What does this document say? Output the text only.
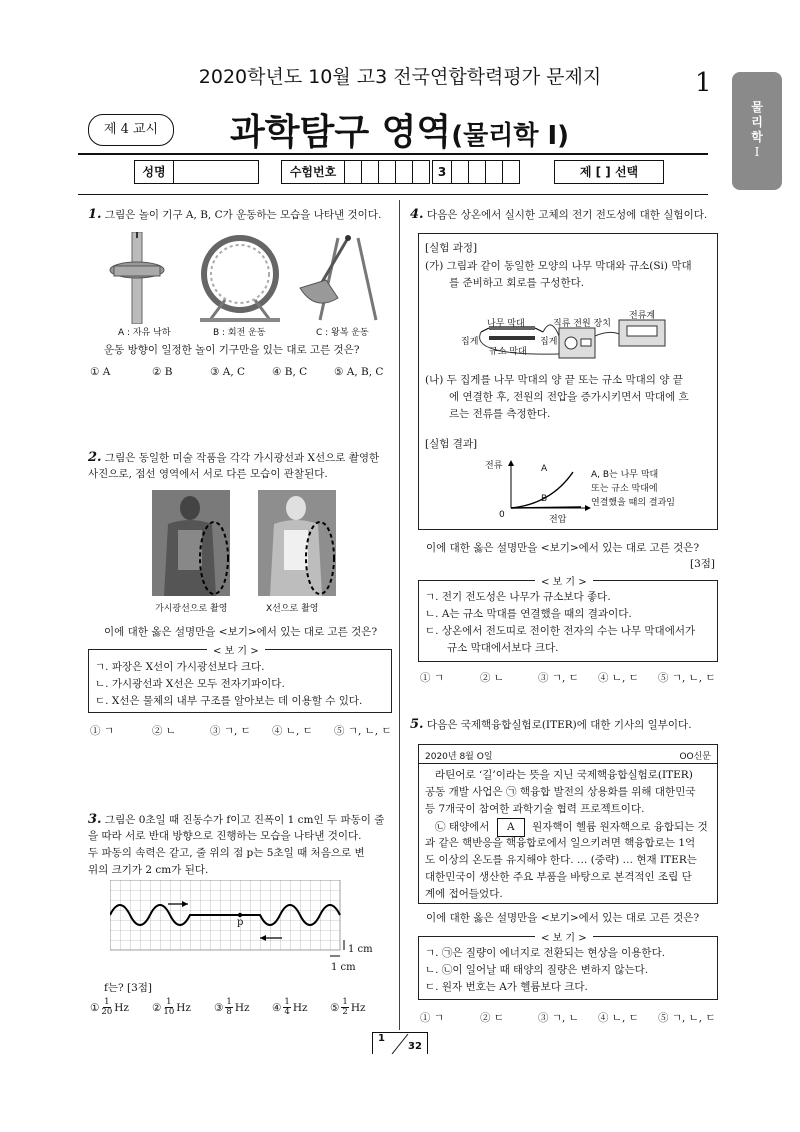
2020학년도 10월 고3 전국연합학력평가 문제지	1
물
리
학
Ⅰ
제 4 교시	과학탐구 영역(물리학 Ⅰ)
성명	수험번호	3	제 [ ] 선택
1. 그림은 놀이 기구 A, B, C가 운동하는 모습을 나타낸 것이다.
A : 자유 낙하	B : 회전 운동	C : 왕복 운동
운동 방향이 일정한 놀이 기구만을 있는 대로 고른 것은?
① A	② B	③ A, C	④ B, C	⑤ A, B, C
2. 그림은 동일한 미술 작품을 각각 가시광선과 X선으로 촬영한
사진으로, 점선 영역에서 서로 다른 모습이 관찰된다.
가시광선으로 촬영	X선으로 촬영
이에 대한 옳은 설명만을 <보기>에서 있는 대로 고른 것은?
< 보 기 >
ㄱ. 파장은 X선이 가시광선보다 크다.
ㄴ. 가시광선과 X선은 모두 전자기파이다.
ㄷ. X선은 물체의 내부 구조를 알아보는 데 이용할 수 있다.
① ㄱ	② ㄴ	③ ㄱ, ㄷ	④ ㄴ, ㄷ	⑤ ㄱ, ㄴ, ㄷ
3. 그림은 0초일 때 진동수가 f이고 진폭이 1 cm인 두 파동이 줄
을 따라 서로 반대 방향으로 진행하는 모습을 나타낸 것이다.
두 파동의 속력은 같고, 줄 위의 점 p는 5초일 때 처음으로 변
위의 크기가 2 cm가 된다.
p
1 cm
1 cm
f는? [3점]
① $\frac{1}{20}$ Hz ② $\frac{1}{10}$ Hz ③ $\frac{1}{8}$ Hz ④ $\frac{1}{4}$ Hz ⑤ $\frac{1}{2}$ Hz
4. 다음은 상온에서 실시한 고체의 전기 전도성에 대한 실험이다.
[실험 과정]
(가) 그림과 같이 동일한 모양의 나무 막대와 규소(Si) 막대
를 준비하고 회로를 구성한다.
나무 막대
규소 막대
집게	집게
직류 전원 장치
전류계
(나) 두 집게를 나무 막대의 양 끝 또는 규소 막대의 양 끝
에 연결한 후, 전원의 전압을 증가시키면서 막대에 흐
르는 전류를 측정한다.
[실험 결과]
전류
전압
0
A
B
A, B는 나무 막대
또는 규소 막대에
연결했을 때의 결과임
이에 대한 옳은 설명만을 <보기>에서 있는 대로 고른 것은?
[3점]
< 보 기 >
ㄱ. 전기 전도성은 나무가 규소보다 좋다.
ㄴ. A는 규소 막대를 연결했을 때의 결과이다.
ㄷ. 상온에서 전도띠로 전이한 전자의 수는 나무 막대에서가
규소 막대에서보다 크다.
① ㄱ	② ㄴ	③ ㄱ, ㄷ	④ ㄴ, ㄷ	⑤ ㄱ, ㄴ, ㄷ
5. 다음은 국제핵융합실험로(ITER)에 대한 기사의 일부이다.
2020년 8월 O일	OO신문
라틴어로 ‘길’이라는 뜻을 지닌 국제핵융합실험로(ITER)
공동 개발 사업은 ㉠ 핵융합 발전의 상용화를 위해 대한민국
등 7개국이 참여한 과학기술 협력 프로젝트이다.
㉡ 태양에서 A 원자핵이 헬륨 원자핵으로 융합되는 것
과 같은 핵반응을 핵융합로에서 일으키려면 핵융합로는 1억
도 이상의 온도를 유지해야 한다. … (중략) … 현재 ITER는
대한민국이 생산한 주요 부품을 바탕으로 본격적인 조립 단
계에 접어들었다.
이에 대한 옳은 설명만을 <보기>에서 있는 대로 고른 것은?
< 보 기 >
ㄱ. ㉠은 질량이 에너지로 전환되는 현상을 이용한다.
ㄴ. ㉡이 일어날 때 태양의 질량은 변하지 않는다.
ㄷ. 원자 번호는 A가 헬륨보다 크다.
① ㄱ	② ㄷ	③ ㄱ, ㄴ	④ ㄴ, ㄷ	⑤ ㄱ, ㄴ, ㄷ
1
32
